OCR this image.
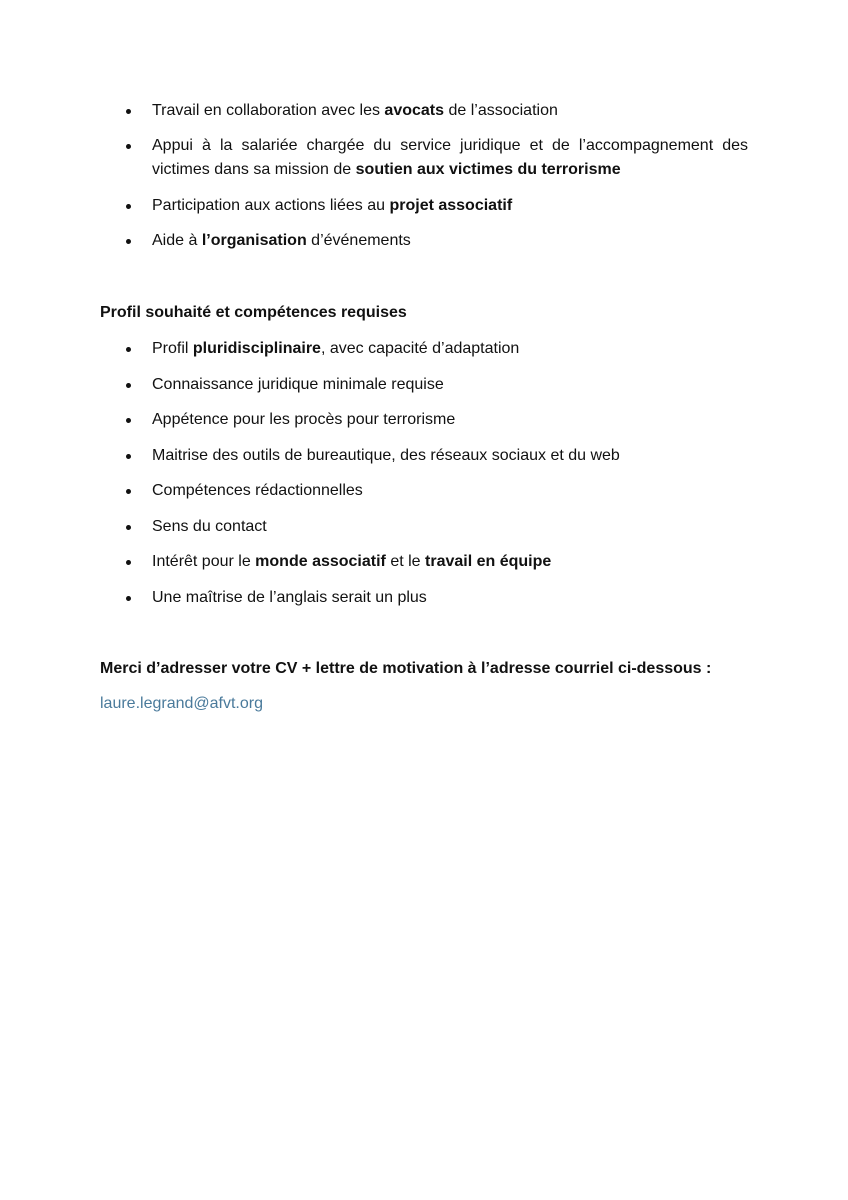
Travail en collaboration avec les avocats de l’association
Appui à la salariée chargée du service juridique et de l’accompagnement des victimes dans sa mission de soutien aux victimes du terrorisme
Participation aux actions liées au projet associatif
Aide à l’organisation d’événements
Profil souhaité et compétences requises
Profil pluridisciplinaire, avec capacité d’adaptation
Connaissance juridique minimale requise
Appétence pour les procès pour terrorisme
Maitrise des outils de bureautique, des réseaux sociaux et du web
Compétences rédactionnelles
Sens du contact
Intérêt pour le monde associatif et le travail en équipe
Une maîtrise de l’anglais serait un plus
Merci d’adresser votre CV + lettre de motivation à l’adresse courriel ci-dessous :
laure.legrand@afvt.org
